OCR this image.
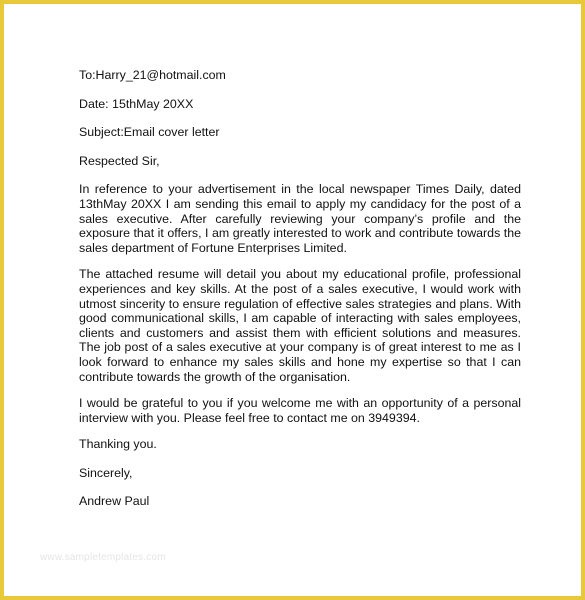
To:Harry_21@hotmail.com

Date: 15thMay 20XX

Subject:Email cover letter

Respected Sir,

In reference to your advertisement in the local newspaper Times Daily, dated 13thMay 20XX I am sending this email to apply my candidacy for the post of a sales executive. After carefully reviewing your company’s profile and the exposure that it offers, I am greatly interested to work and contribute towards the sales department of Fortune Enterprises Limited.

The attached resume will detail you about my educational profile, professional experiences and key skills. At the post of a sales executive, I would work with utmost sincerity to ensure regulation of effective sales strategies and plans. With good communicational skills, I am capable of interacting with sales employees, clients and customers and assist them with efficient solutions and measures. The job post of a sales executive at your company is of great interest to me as I look forward to enhance my sales skills and hone my expertise so that I can contribute towards the growth of the organisation.

I would be grateful to you if you welcome me with an opportunity of a personal interview with you. Please feel free to contact me on 3949394.

Thanking you.

Sincerely,

Andrew Paul

www.sampletemplates.com
